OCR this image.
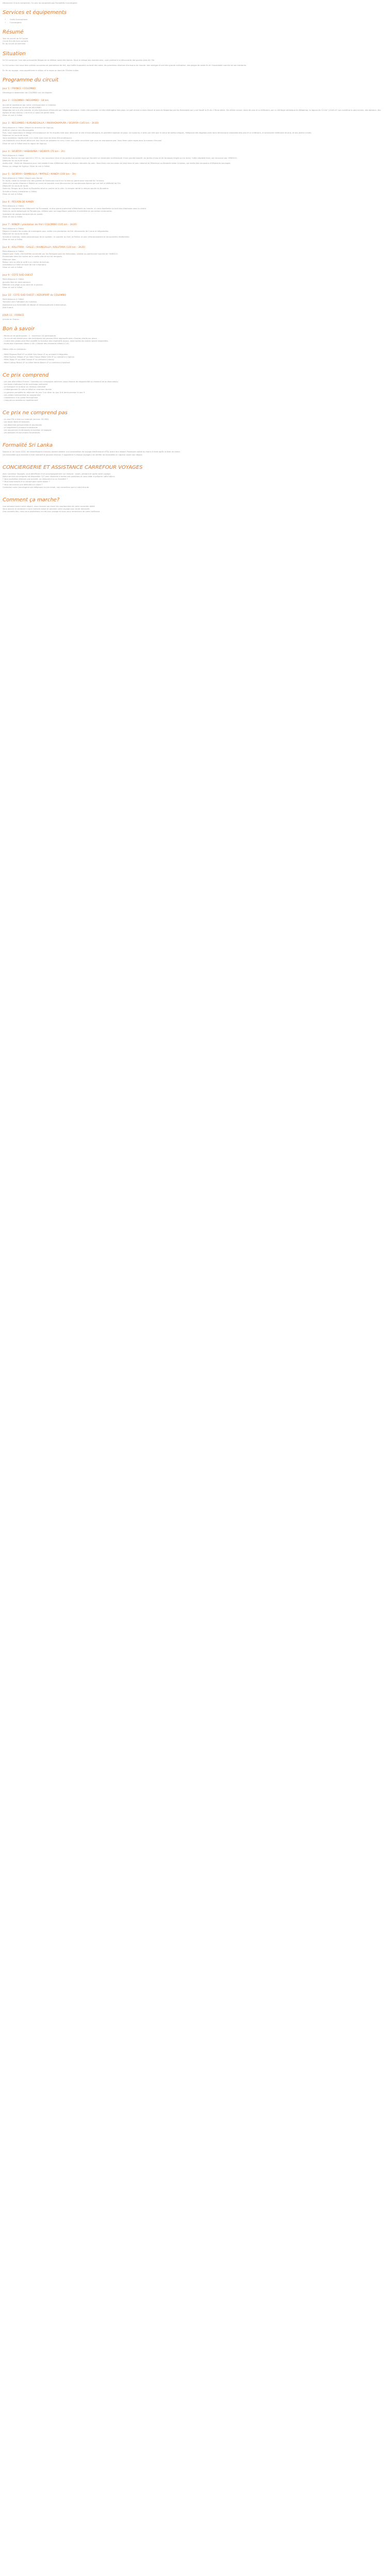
Découvrez Ce prix comprend / Ce prix ne comprend pas Formalités Conciergerie

Services et équipements
• Guide francophone
• Conciergerie
Résumé

Tour du secret de Sri Lanka
Circuit 8 nuits hors compris
En du circuit en terminer

Situation

Le Sri Lanka est l'une des principales étapes de la célèbre route des épices. Dans le village des montonniers, vous partirez à la découverte des grands sites de l'île.

Le Sri Lanka c'est aussi des collines couvertes de plantations de thé, des forêts tropicales au bord des cotes, les premières réserves d'animaux du monde, des vestiges d'une très grande civilisation, des plages de sable fin et l'inoubliable marche de ses habitants.

En fin de voyage, vous apprécierez le séjour et le repos au bord de l'Océan Indien.

Programme du circuit
Jour 1 : FRANCE / COLOMBO
Décollage à destination de COLOMBO sur vol régulier.
Jour 2 : COLOMBO / NEGOMBO - 18 km
Accueil et assistance par notre correspondant à Colombo.
Arrivée et remise de la villa de NEGOMBO.
Négombo est une ville animée, et très historique influencée par l'église catholique. Cette ville possède un très hétérogène des pays. Le port ancien a alors donné le nom de Negombo par les Hollandais qui y ont fondé la fin du 17ème siècle. De même encore, dans de plus d'un millénaire, par un héritage catholique du Négombo, la lagune de 13 km² (1444 m²) qui constitue le port ancien, des bateaux, des églises et des canaux. L'écrit et un sport de petite taille.
Dîner et nuit à l'hôtel
Jour 3 : NEGOMBO / KURUNEGALLA / ANURADHAPURA / SIGIRIYA (145 km - 3h30)
Petit déjeuner à l'hôtel. Départ en direction de Sigiriya.
Arrêt en chemin vers Kurunegalla.
Puis, nous rejoindrons le village d'Anuradapura en fin d'après-midi pour découvrir le site d'Anuradhapura, la première capitale du pays. Le royaume, il sera une ville que le vieux de belles reliques, l'élégance des dagobas avec leurs dimensions colossales des plus d'un millénaire, le sanctuaire millénaire de plus, et ses jardins ruinés.
Déjeuner en cours de route.
Vous assisterez l'après-midi, à la visite avec tous les sites d'Anuradhapura.
Les habitants vous feront découvrir leur façon de préparer le curry. Il est une visite conviviale que vous ne manquerez pas. Vous ferez votre repas dans la maison d'accueil.
Dîner et nuit à l'hôtel dans la région de Sigiriya.
Jour 4 : SIGIRIYA / HABARANA / SIGIRIYA (70 km - 2h)
Petit déjeuner à l'hôtel.
Visite du Rocher du Lion perché à 370 m., les nouveaux lieux et les jardins du palais royal qui forment un ensemble architectural d'une grande beauté, de jardins d'eau et de terrasses érigés sur la roche. Cette citadelle forte, est reconnue par l'UNESCO.
Déjeuner en cours de route.
Après-midi : Visite de Habarana pour une balade à dos d'éléphant dans la réserve naturelle du parc. Vous ferez une excursion en jeep dans le parc national de Minneriya ou Kaudulla selon la saison, qui abrite des troupeaux d'éléphants sauvages.
Retour au village de Sigiriya. Dîner et nuit à l'hôtel.
Jour 5 : SIGIRIYA / DAMBULLA / MATALE / KANDY (100 km - 3h)
Petit déjeuner à l'hôtel. Départ pour Kandy.
En route, visite du temple d'or des grottes de Dambulla inscrit sur la liste du patrimoine mondial de l'Unesco.
Visite d'un jardin d'épices à Matale au cours de laquelle vous découvrirez de nombreuses épices qui ont fait la célébrité de l'île.
Déjeuner en cours de route.
Visite du Temple de la Dent du Bouddha situé au centre de la ville. Ce temple abrite la relique sacrée du Bouddha.
Arrivée à Kandy. Installation à l'hôtel.
Dîner et nuit à l'hôtel.
Jour 6 : REGION DE KANDY
Petit déjeuner à l'hôtel.
Visite de l'orphelinat des éléphants de Pinnawala, le plus grand orphelinat d'éléphants au monde, où vous assisterez au bain des éléphants dans la rivière.
Visite du jardin botanique de Peradeniya, célèbre pour sa magnifique collection d'orchidées et ses arbres centenaires.
Spectacle de danses kandyennes en soirée.
Dîner et nuit à l'hôtel.
Jour 7 : KANDY / plantation de thé / COLOMBO (135 km - 3h30)
Petit déjeuner à l'hôtel.
Départ à travers les routes de montagnes pour visiter une plantation de thé, découverte de l'usine et dégustation.
Déjeuner en cours de route.
Arrivée à Colombo, visite panoramique de la capitale : le quartier du Fort, le Pettah, le parc Viharamahadevi et les quartiers résidentiels.
Dîner et nuit à l'hôtel.
Jour 8 : KALUTARA - GALLE / AHUNGALLA / KALUTARA (120 km - 3h30)
Petit déjeuner à l'hôtel.
Départ pour Galle, cité fortifiée construite par les Portugais puis les Hollandais, classée au patrimoine mondial de l'UNESCO.
Promenade dans les ruelles de la vieille ville et sur les remparts.
Déjeuner libre.
Retour vers la côte et arrêt à un centre de tortues.
Installation à l'hôtel en bord de mer à Kalutara.
Dîner et nuit à l'hôtel.
Jour 9 : COTE SUD OUEST
Petit déjeuner à l'hôtel.
Journée libre en demi-pension.
Détente à la plage ou au bord de la piscine.
Dîner et nuit à l'hôtel.
Jour 10 : COTE SUD OUEST / AEROPORT de COLOMBO
Petit déjeuner à l'hôtel.
Transfert vers l'aéroport de Colombo.
Assistance aux formalités de départ et embarquement à destination.
Nuit à bord.
JOUR 11 : FRANCE
Arrivée en France.
Bon à savoir
- Minimum de participants : 2 - maximum 24 participants.
- Ce circuit est réalisé pour des individuels qui peuvent être regroupés avec d'autres clients sur place.
- L'ordre des visites peut être modifié en fonction des impératifs locaux, mais toutes les visites seront respectées.
- Accès des chambres hôtels à 14h / Départ des chambres hôtels à 12h.

Hôtels cités ou similaires :

- Hôtel Pegasus Reef 4* ou hôtel Sea Horse 4* ou similaire à Negombo
- Hôtel Sigiriya Village 4* ou hôtel Fresco Water Villa 4* ou similaire à Sigiriya
- Hôtel Topaz 4* ou hôtel Suisse 4* ou similaire à Kandy
- Hôtel Cathay Beach 4* ou hôtel Hemis Beach 4* ou similaire à Kalutara
Ce prix comprend
- Les vols aller/retour France / Colombo sur compagnie aérienne (sous réserve de disponibilité au moment de la réservation)
- Les taxes d'aéroport et de surcharge carburant
- Le transport en autocar ou minibus climatisé
- L'hébergement 8 nuits en hôtel en chambre double
- La pension complète du déjeuner du jour 3 au dîner du jour 8 et demi-pension le jour 9
- Les visites mentionnées au programme
- L'assistance d'un guide francophone
- L'assurance assistance rapatriement
Ce prix ne comprend pas
- Le visa ETA à faire sur internet (environ 50 USD)
- Les repas libres et boissons
- Les dépenses personnelles et pourboires
- Le supplément chambre individuelle
- Les assurances multirisques annulation et bagages
- Les boissons et excursions facultatives
Formalité Sri Lanka
Depuis le 1er mars 2024, les ressortissants français doivent obtenir une autorisation de voyage électronique (ETA) avant leur départ. Passeport valide au moins 6 mois après la date de retour.
Les formalités sont données à titre indicatif et peuvent évoluer. Il appartient à chaque voyageur de vérifier les formalités en vigueur avant son départ.
CONCIERGERIE ET ASSISTANCE CARREFOUR VOYAGES
Avec Carrefour Voyages, vous bénéficiez d'un accompagnement sur mesure : avant, pendant et après votre voyage.
Notre service conciergerie est disponible 7j/7 pour répondre à toutes vos questions et vous aider à préparer votre séjour.
* Vous souhaitez réserver une activité, un restaurant ou un transfert ?
* Vous avez besoin d'un conseil pour votre séjour ?
* Vous rencontrez une difficulté sur place ?
Contactez notre conciergerie par téléphone ou par email, nos conseillers sont à votre écoute.
Comment ça marche?
Une semaine avant votre départ, vous recevez par email les coordonnées de votre conseiller dédié.
Vous pouvez le contacter à tout moment avant et pendant votre voyage pour toute demande.
Une nouvelle fois, nous vous souhaitons un très bon voyage et nous vous remercions de votre confiance.
